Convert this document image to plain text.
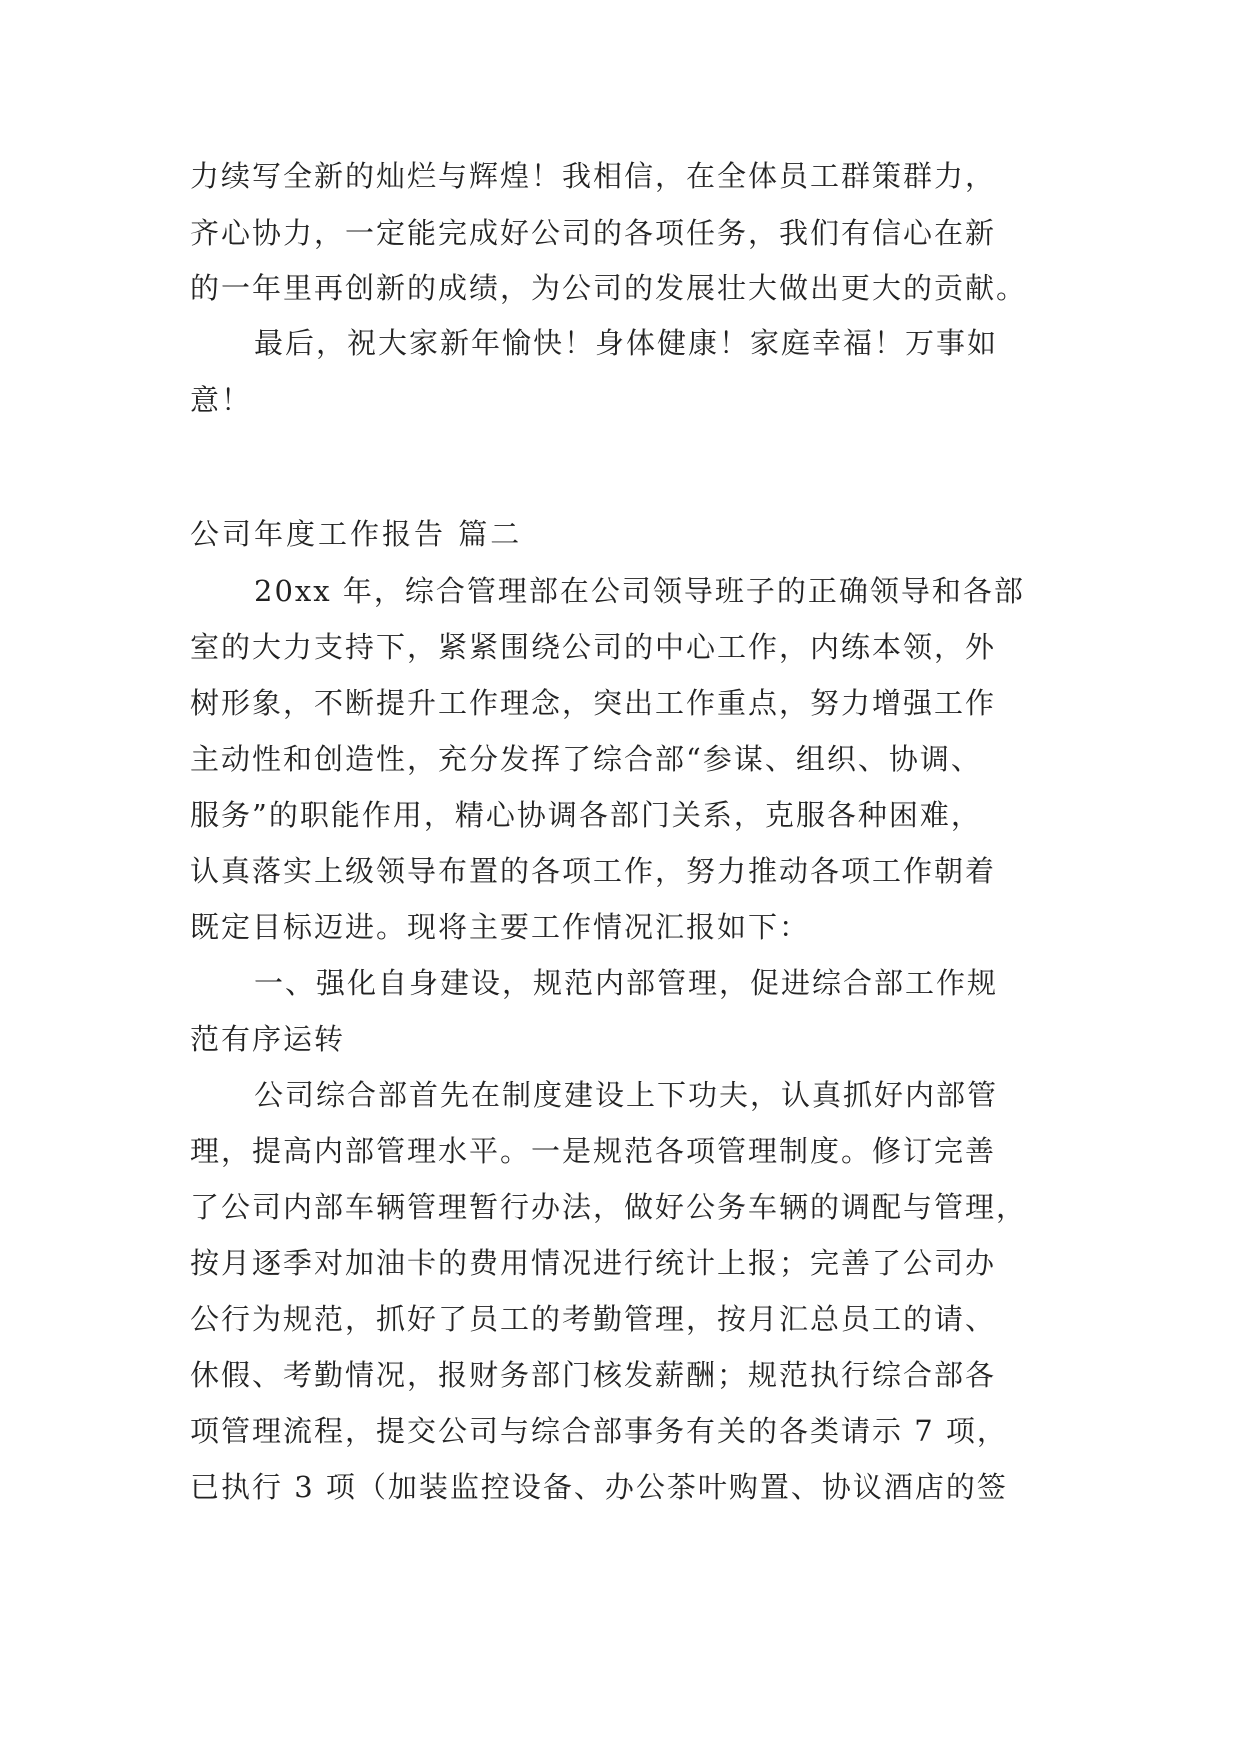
力续写全新的灿烂与辉煌！我相信，在全体员工群策群力，
齐心协力，一定能完成好公司的各项任务，我们有信心在新
的一年里再创新的成绩，为公司的发展壮大做出更大的贡献。
最后，祝大家新年愉快！身体健康！家庭幸福！万事如
意！
公司年度工作报告 篇二
20xx 年，综合管理部在公司领导班子的正确领导和各部
室的大力支持下，紧紧围绕公司的中心工作，内练本领，外
树形象，不断提升工作理念，突出工作重点，努力增强工作
主动性和创造性，充分发挥了综合部“参谋、组织、协调、
服务”的职能作用，精心协调各部门关系，克服各种困难，
认真落实上级领导布置的各项工作，努力推动各项工作朝着
既定目标迈进。现将主要工作情况汇报如下：
一、强化自身建设，规范内部管理，促进综合部工作规
范有序运转
公司综合部首先在制度建设上下功夫，认真抓好内部管
理，提高内部管理水平。一是规范各项管理制度。修订完善
了公司内部车辆管理暂行办法，做好公务车辆的调配与管理，
按月逐季对加油卡的费用情况进行统计上报；完善了公司办
公行为规范，抓好了员工的考勤管理，按月汇总员工的请、
休假、考勤情况，报财务部门核发薪酬；规范执行综合部各
项管理流程，提交公司与综合部事务有关的各类请示 7 项，
已执行 3 项（加装监控设备、办公茶叶购置、协议酒店的签
